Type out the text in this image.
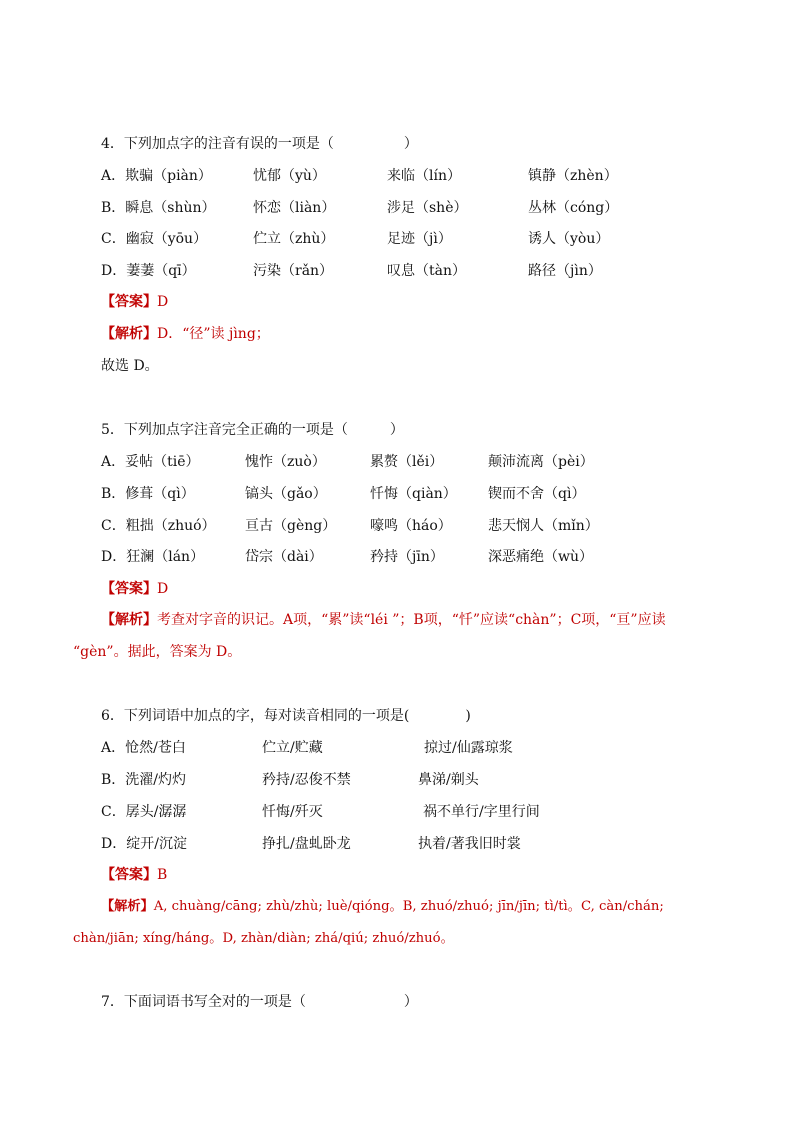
4．下列加点字的注音有误的一项是（　　　　　）
A．欺骗（piàn）	忧郁（yù）	来临（lín）	镇静（zhèn）
B．瞬息（shùn）	怀恋（liàn）	涉足（shè）	丛林（cóng）
C．幽寂（yōu）	伫立（zhù）	足迹（jì）	诱人（yòu）
D．萋萋（qī）	污染（rǎn）	叹息（tàn）	路径（jìn）
【答案】D
【解析】D．“径”读 jìng；
故选 D。
5．下列加点字注音完全正确的一项是（　　　）
A．妥帖（tiē）	愧怍（zuò）	累赘（lěi）	颠沛流离（pèi）
B．修葺（qì）	镐头（gǎo）	忏悔（qiàn） 锲而不舍（qì）
C．粗拙（zhuó） 亘古（gèng） 嚎鸣（háo）	悲天悯人（mǐn）
D．狂澜（lán）	岱宗（dài）	矜持（jīn）	深恶痛绝（wù）
【答案】D
【解析】考查对字音的识记。A项，“累”读“léi ”；B项，“忏”应读“chàn”；C项，“亘”应读
“gèn”。据此，答案为 D。
6．下列词语中加点的字，每对读音相同的一项是(　　　　)
A．怆然/苍白	伫立/贮藏	掠过/仙露琼浆
B．洗濯/灼灼	矜持/忍俊不禁	鼻涕/剃头
C．孱头/潺潺	忏悔/歼灭	祸不单行/字里行间
D．绽开/沉淀	挣扎/盘虬卧龙	执着/著我旧时裳
【答案】B
【解析】A, chuàng/cāng; zhù/zhù; luè/qióng。B, zhuó/zhuó; jīn/jīn; tì/tì。C, càn/chán;
chàn/jiān; xíng/háng。D, zhàn/diàn; zhá/qiú; zhuó/zhuó。
7．下面词语书写全对的一项是（　　　　　　　）
